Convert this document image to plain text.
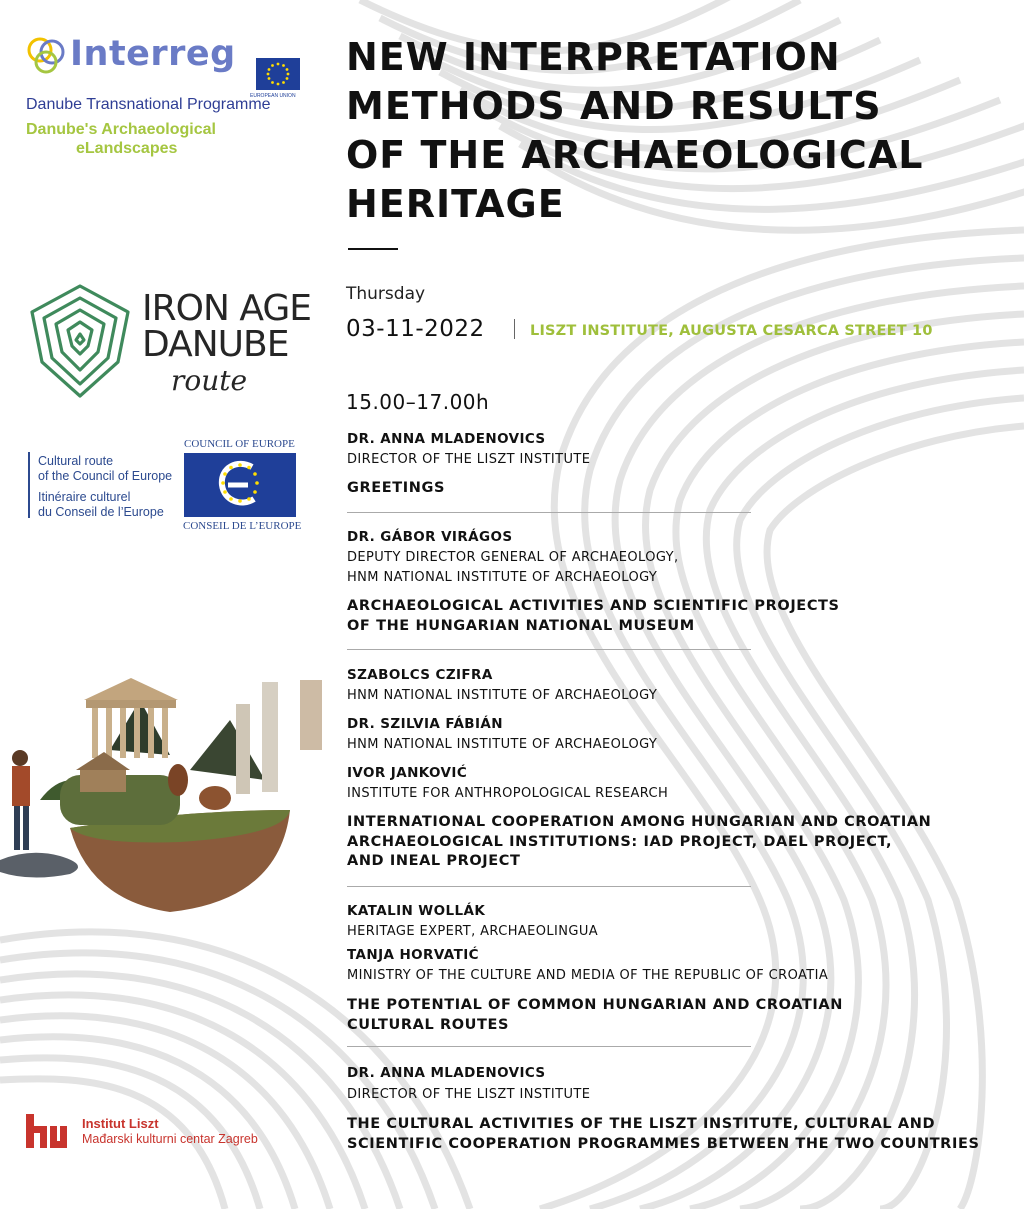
Interreg
EUROPEAN UNION
Danube Transnational Programme
Danube's Archaeological
eLandscapes
IRON AGE
DANUBE
route
Cultural route
of the Council of Europe
Itinéraire culturel
du Conseil de l’Europe
COUNCIL OF EUROPE
CONSEIL DE L’EUROPE
Institut Liszt
Mađarski kulturni centar Zagreb
NEW INTERPRETATION
METHODS AND RESULTS
OF THE ARCHAEOLOGICAL
HERITAGE
Thursday
03-11-2022	LISZT INSTITUTE, AUGUSTA CESARCA STREET 10
15.00–17.00h
DR. ANNA MLADENOVICS
DIRECTOR OF THE LISZT INSTITUTE
GREETINGS
DR. GÁBOR VIRÁGOS
DEPUTY DIRECTOR GENERAL OF ARCHAEOLOGY,
HNM NATIONAL INSTITUTE OF ARCHAEOLOGY
ARCHAEOLOGICAL ACTIVITIES AND SCIENTIFIC PROJECTS
OF THE HUNGARIAN NATIONAL MUSEUM
SZABOLCS CZIFRA
HNM NATIONAL INSTITUTE OF ARCHAEOLOGY
DR. SZILVIA FÁBIÁN
HNM NATIONAL INSTITUTE OF ARCHAEOLOGY
IVOR JANKOVIĆ
INSTITUTE FOR ANTHROPOLOGICAL RESEARCH
INTERNATIONAL COOPERATION AMONG HUNGARIAN AND CROATIAN
ARCHAEOLOGICAL INSTITUTIONS: IAD PROJECT, DAEL PROJECT,
AND INEAL PROJECT
KATALIN WOLLÁK
HERITAGE EXPERT, ARCHAEOLINGUA
TANJA HORVATIĆ
MINISTRY OF THE CULTURE AND MEDIA OF THE REPUBLIC OF CROATIA
THE POTENTIAL OF COMMON HUNGARIAN AND CROATIAN
CULTURAL ROUTES
DR. ANNA MLADENOVICS
DIRECTOR OF THE LISZT INSTITUTE
THE CULTURAL ACTIVITIES OF THE LISZT INSTITUTE, CULTURAL AND
SCIENTIFIC COOPERATION PROGRAMMES BETWEEN THE TWO COUNTRIES
